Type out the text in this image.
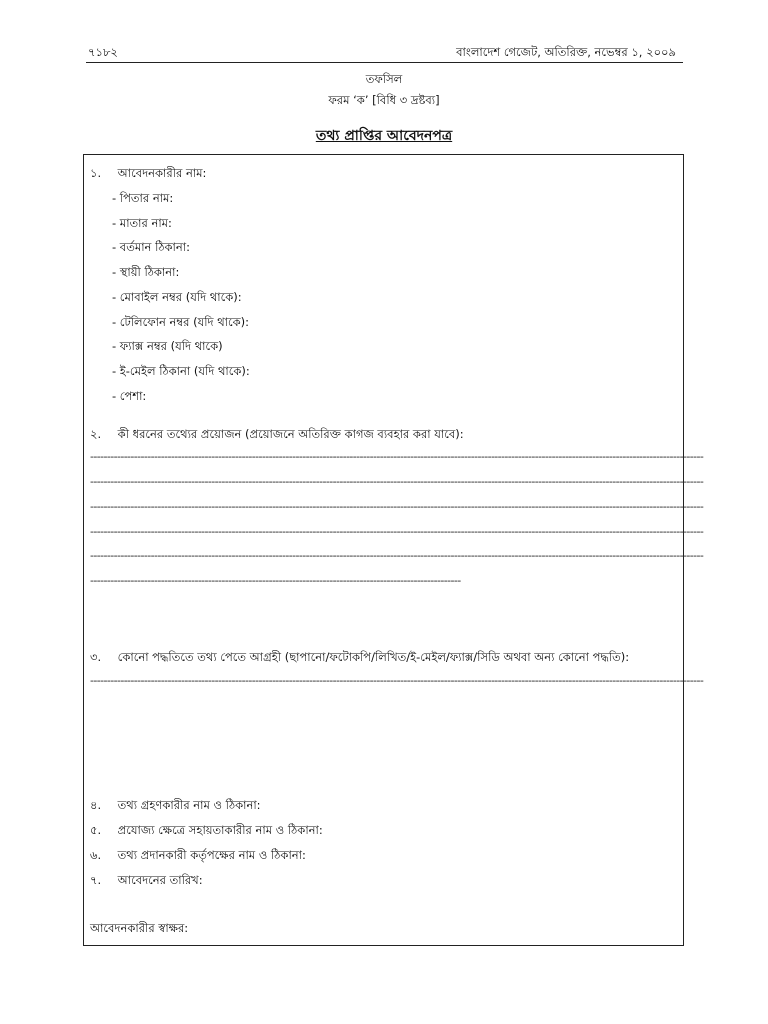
৭১৮২	বাংলাদেশ গেজেট, অতিরিক্ত, নভেম্বর ১, ২০০৯
তফসিল
ফরম ‘ক’ [বিধি ৩ দ্রষ্টব্য]
তথ্য প্রাপ্তির আবেদনপত্র
১. আবেদনকারীর নাম:
- পিতার নাম:
- মাতার নাম:
- বর্তমান ঠিকানা:
- স্থায়ী ঠিকানা:
- মোবাইল নম্বর (যদি থাকে):
- টেলিফোন নম্বর (যদি থাকে):
- ফ্যাক্স নম্বর (যদি থাকে)
- ই-মেইল ঠিকানা (যদি থাকে):
- পেশা:
২. কী ধরনের তথ্যের প্রয়োজন (প্রয়োজনে অতিরিক্ত কাগজ ব্যবহার করা যাবে):
--------------------------------------------------------------------------------------------------------------------------------------------------------------------------------------
--------------------------------------------------------------------------------------------------------------------------------------------------------------------------------------
--------------------------------------------------------------------------------------------------------------------------------------------------------------------------------------
--------------------------------------------------------------------------------------------------------------------------------------------------------------------------------------
--------------------------------------------------------------------------------------------------------------------------------------------------------------------------------------
--------------------------------------------------------------------------------------------------------------
৩. কোনো পদ্ধতিতে তথ্য পেতে আগ্রহী (ছাপানো/ফটোকপি/লিখিত/ই-মেইল/ফ্যাক্স/সিডি অথবা অন্য কোনো পদ্ধতি):
--------------------------------------------------------------------------------------------------------------------------------------------------------------------------------------
৪. তথ্য গ্রহণকারীর নাম ও ঠিকানা:
৫. প্রযোজ্য ক্ষেত্রে সহায়তাকারীর নাম ও ঠিকানা:
৬. তথ্য প্রদানকারী কর্তৃপক্ষের নাম ও ঠিকানা:
৭. আবেদনের তারিখ:
আবেদনকারীর স্বাক্ষর:
